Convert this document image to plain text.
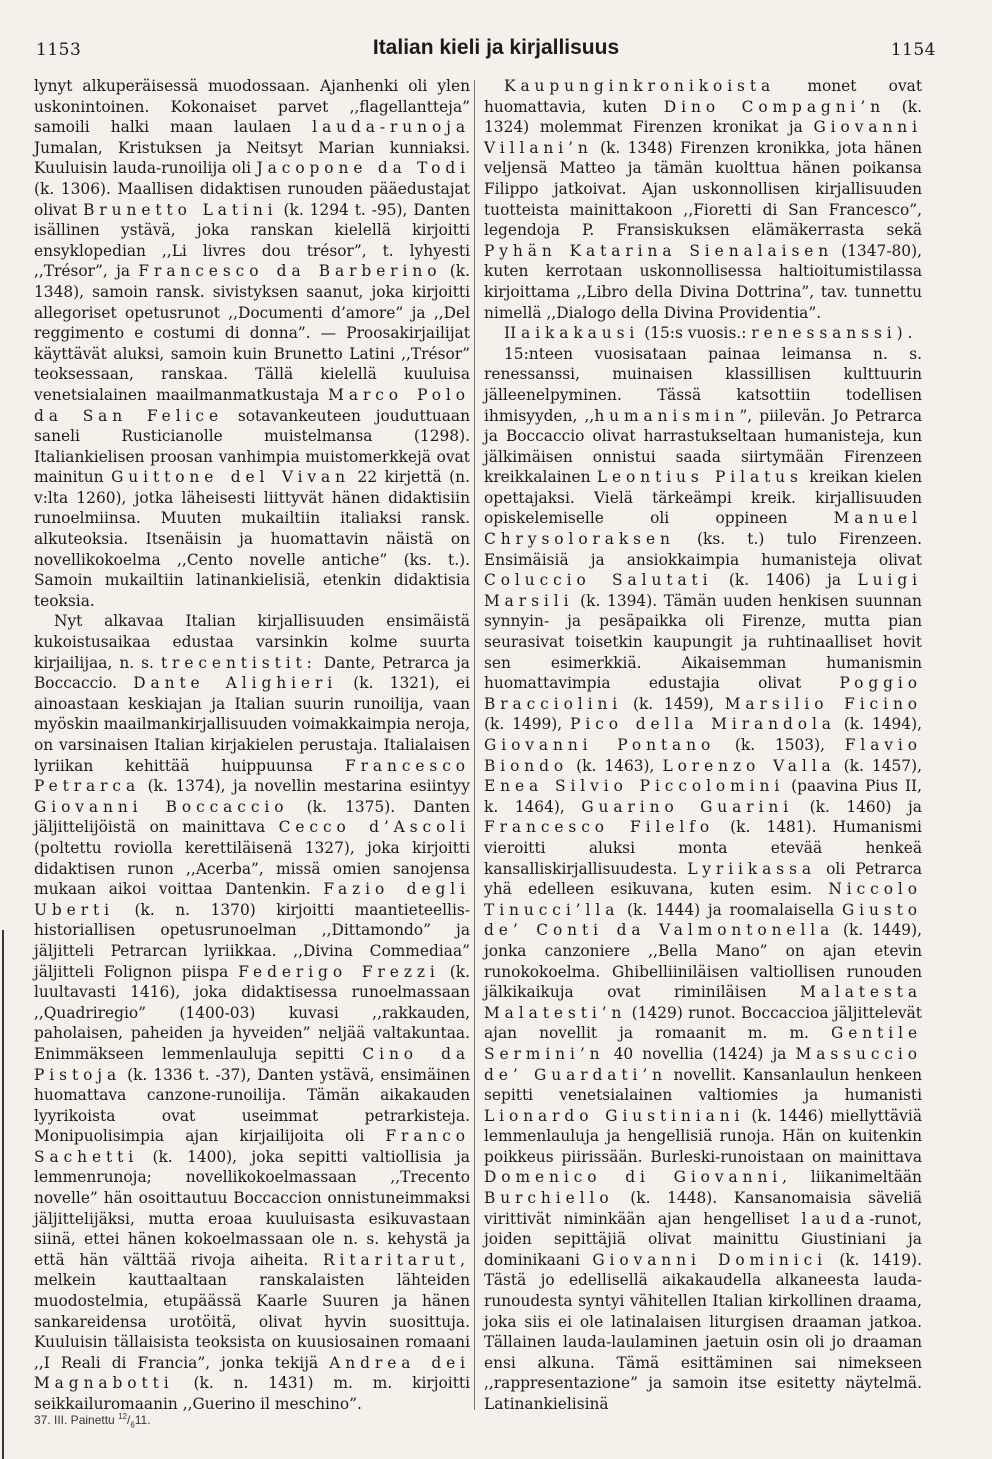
1153	Italian kieli ja kirjallisuus	1154

lynyt alkuperäisessä muodossaan. Ajanhenki oli ylen uskonintoinen. Kokonaiset parvet ,,flagellantteja” samoili halki maan laulaen lauda-runoja Jumalan, Kristuksen ja Neitsyt Marian kunniaksi. Kuuluisin lauda-runoilija oli Jacopone da Todi (k. 1306). Maallisen didaktisen runouden pääedustajat olivat Brunetto Latini (k. 1294 t. -95), Danten isällinen ystävä, joka ranskan kielellä kirjoitti ensyklopedian ,,Li livres dou trésor”, t. lyhyesti ,,Trésor”, ja Francesco da Barberino (k. 1348), samoin ransk. sivistyksen saanut, joka kirjoitti allegoriset opetusrunot ,,Documenti d’amore” ja ,,Del reggimento e costumi di donna”. — Proosakirjailijat käyttävät aluksi, samoin kuin Brunetto Latini ,,Trésor” teoksessaan, ranskaa. Tällä kielellä kuuluisa venetsialainen maailmanmatkustaja Marco Polo da San Felice sotavankeuteen jouduttuaan saneli Rusticianolle muistelmansa (1298). Italiankielisen proosan vanhimpia muistomerkkejä ovat mainitun Guittone del Vivan 22 kirjettä (n. v:lta 1260), jotka läheisesti liittyvät hänen didaktisiin runoelmiinsa. Muuten mukailtiin italiaksi ransk. alkuteoksia. Itsenäisin ja huomattavin näistä on novellikokoelma ,,Cento novelle antiche” (ks. t.). Samoin mukailtiin latinankielisiä, etenkin didaktisia teoksia.

Nyt alkavaa Italian kirjallisuuden ensimäistä kukoistusaikaa edustaa varsinkin kolme suurta kirjailijaa, n. s. trecentistit: Dante, Petrarca ja Boccaccio. Dante Alighieri (k. 1321), ei ainoastaan keskiajan ja Italian suurin runoilija, vaan myöskin maailmankirjallisuuden voimakkaimpia neroja, on varsinaisen Italian kirjakielen perustaja. Italialaisen lyriikan kehittää huippuunsa Francesco Petrarca (k. 1374), ja novellin mestarina esiintyy Giovanni Boccaccio (k. 1375). Danten jäljittelijöistä on mainittava Cecco d’Ascoli (poltettu roviolla kerettiläisenä 1327), joka kirjoitti didaktisen runon ,,Acerba”, missä omien sanojensa mukaan aikoi voittaa Dantenkin. Fazio degli Uberti (k. n. 1370) kirjoitti maantieteellis-historiallisen opetusrunoelman ,,Dittamondo” ja jäljitteli Petrarcan lyriikkaa. ,,Divina Commediaa” jäljitteli Folignon piispa Federigo Frezzi (k. luultavasti 1416), joka didaktisessa runoelmassaan ,,Quadriregio” (1400-03) kuvasi ,,rakkauden, paholaisen, paheiden ja hyveiden” neljää valtakuntaa. Enimmäkseen lemmenlauluja sepitti Cino da Pistoja (k. 1336 t. -37), Danten ystävä, ensimäinen huomattava canzone-runoilija. Tämän aikakauden lyyrikoista ovat useimmat petrarkisteja. Monipuolisimpia ajan kirjailijoita oli Franco Sachetti (k. 1400), joka sepitti valtiollisia ja lemmenrunoja; novellikokoelmassaan ,,Trecento novelle” hän osoittautuu Boccaccion onnistuneimmaksi jäljittelijäksi, mutta eroaa kuuluisasta esikuvastaan siinä, ettei hänen kokoelmassaan ole n. s. kehystä ja että hän välttää rivoja aiheita. Ritaritarut, melkein kauttaaltaan ranskalaisten lähteiden muodostelmia, etupäässä Kaarle Suuren ja hänen sankareidensa urotöitä, olivat hyvin suosittuja. Kuuluisin tällaisista teoksista on kuusiosainen romaani ,,I Reali di Francia”, jonka tekijä Andrea dei Magnabotti (k. n. 1431) m. m. kirjoitti seikkailuromaanin ,,Guerino il meschino”.

Kaupunginkronikoista monet ovat huomattavia, kuten Dino Compagni’n (k. 1324) molemmat Firenzen kronikat ja Giovanni Villani’n (k. 1348) Firenzen kronikka, jota hänen veljensä Matteo ja tämän kuolttua hänen poikansa Filippo jatkoivat. Ajan uskonnollisen kirjallisuuden tuotteista mainittakoon ,,Fioretti di San Francesco”, legendoja P. Fransiskuksen elämäkerrasta sekä Pyhän Katarina Sienalaisen (1347-80), kuten kerrotaan uskonnollisessa haltioitumistilassa kirjoittama ,,Libro della Divina Dottrina”, tav. tunnettu nimellä ,,Dialogo della Divina Providentia”.

II aikakausi (15:s vuosis.: renessanssi).

15:nteen vuosisataan painaa leimansa n. s. renessanssi, muinaisen klassillisen kulttuurin jälleenelpyminen. Tässä katsottiin todellisen ihmisyyden, ,,humanismin”, piilevän. Jo Petrarca ja Boccaccio olivat harrastukseltaan humanisteja, kun jälkimäisen onnistui saada siirtymään Firenzeen kreikkalainen Leontius Pilatus kreikan kielen opettajaksi. Vielä tärkeämpi kreik. kirjallisuuden opiskelemiselle oli oppineen	Manuel Chrysoloraksen (ks. t.) tulo Firenzeen. Ensimäisiä ja ansiokkaimpia humanisteja olivat Coluccio Salutati (k. 1406) ja Luigi Marsili (k. 1394). Tämän uuden henkisen suunnan synnyin- ja pesäpaikka oli Firenze, mutta pian seurasivat toisetkin kaupungit ja ruhtinaalliset hovit sen esimerkkiä. Aikaisemman humanismin huomattavimpia edustajia olivat Poggio Bracciolini (k. 1459), Marsilio Ficino (k. 1499), Pico della Mirandola (k. 1494), Giovanni Pontano (k. 1503), Flavio Biondo (k. 1463), Lorenzo Valla (k. 1457), Enea Silvio Piccolomini (paavina Pius II, k. 1464), Guarino Guarini (k. 1460) ja Francesco Filelfo (k. 1481). Humanismi vieroitti aluksi monta etevää henkeä kansalliskirjallisuudesta. Lyriikassa oli Petrarca yhä edelleen esikuvana, kuten esim. Niccolo Tinucci’lla (k. 1444) ja roomalaisella Giusto de’ Conti da Valmontonella (k. 1449), jonka canzoniere ,,Bella Mano” on ajan etevin runokokoelma. Ghibelliiniläisen valtiollisen runouden jälkikaikuja ovat riminiläisen Malatesta Malatesti’n (1429) runot. Boccaccioa jäljittelevät ajan novellit ja romaanit m. m. Gentile Sermini’n 40 novellia (1424) ja Massuccio de’ Guardati’n novellit. Kansanlaulun henkeen sepitti venetsialainen valtiomies ja humanisti Lionardo Giustiniani (k. 1446) miellyttäviä lemmenlauluja ja hengellisiä runoja. Hän on kuitenkin poikkeus piirissään. Burleski-runoistaan on mainittava Domenico di Giovanni, liikanimeltään Burchiello (k. 1448). Kansanomaisia säveliä virittivät niminkään ajan hengelliset lauda-runot, joiden sepittäjiä olivat mainittu Giustiniani ja dominikaani Giovanni Dominici (k. 1419). Tästä jo edellisellä aikakaudella alkaneesta lauda-runoudesta syntyi vähitellen Italian kirkollinen draama, joka siis ei ole latinalaisen liturgisen draaman jatkoa. Tällainen lauda-laulaminen jaetuin osin oli jo draaman ensi alkuna. Tämä esittäminen sai nimekseen ,,rappresentazione” ja samoin itse esitetty näytelmä. Latinankielisinä

37. III. Painettu $^{12}/_611$.
